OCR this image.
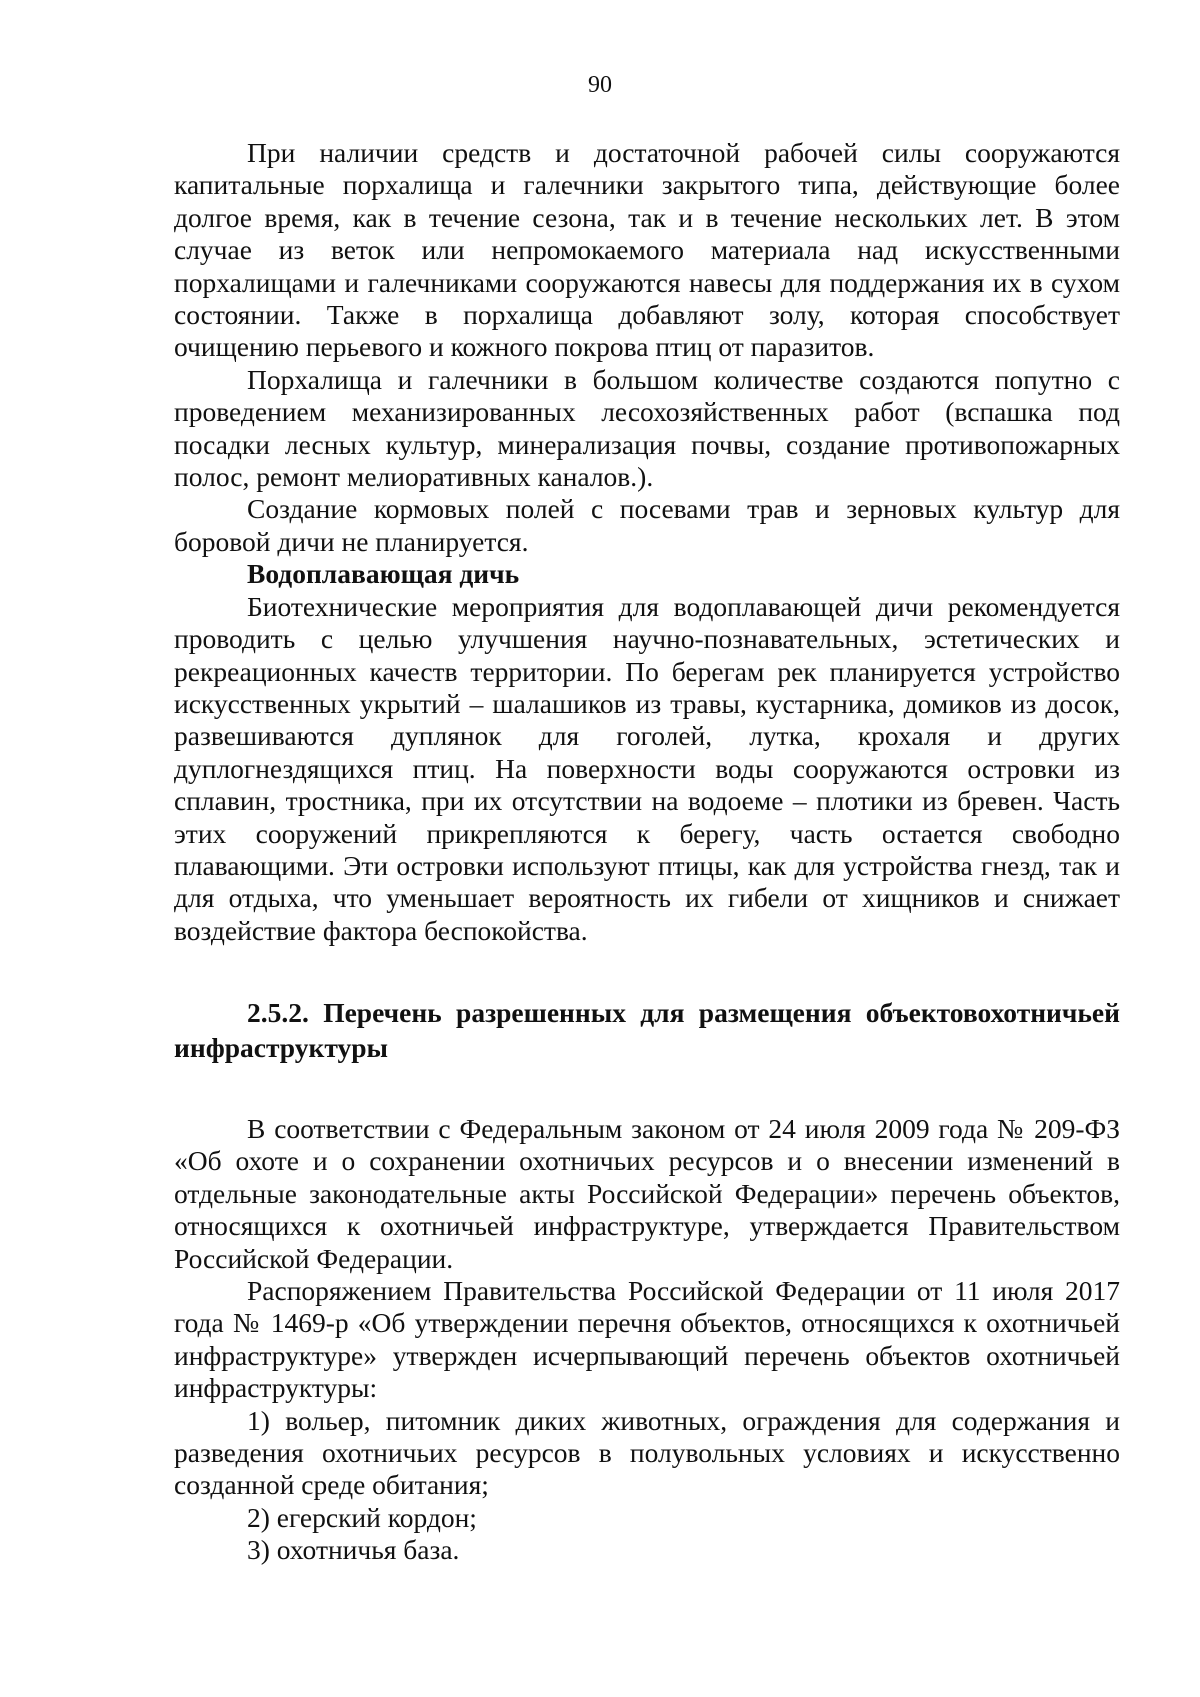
90

При наличии средств и достаточной рабочей силы сооружаются капитальные порхалища и галечники закрытого типа, действующие более долгое время, как в течение сезона, так и в течение нескольких лет. В этом случае из веток или непромокаемого материала над искусственными порхалищами и галечниками сооружаются навесы для поддержания их в сухом состоянии. Также в порхалища добавляют золу, которая способствует очищению перьевого и кожного покрова птиц от паразитов.

Порхалища и галечники в большом количестве создаются попутно с проведением механизированных лесохозяйственных работ (вспашка под посадки лесных культур, минерализация почвы, создание противопожарных полос, ремонт мелиоративных каналов.).

Создание кормовых полей с посевами трав и зерновых культур для боровой дичи не планируется.

Водоплавающая дичь

Биотехнические мероприятия для водоплавающей дичи рекомендуется проводить с целью улучшения научно-познавательных, эстетических и рекреационных качеств территории. По берегам рек планируется устройство искусственных укрытий – шалашиков из травы, кустарника, домиков из досок, развешиваются дуплянок для гоголей, лутка, крохаля и других дуплогнездящихся птиц. На поверхности воды сооружаются островки из сплавин, тростника, при их отсутствии на водоеме – плотики из бревен. Часть этих сооружений прикрепляются к берегу, часть остается свободно плавающими. Эти островки используют птицы, как для устройства гнезд, так и для отдыха, что уменьшает вероятность их гибели от хищников и снижает воздействие фактора беспокойства.

2.5.2. Перечень разрешенных для размещения объектовохотничьей инфраструктуры

В соответствии с Федеральным законом от 24 июля 2009 года № 209-ФЗ «Об охоте и о сохранении охотничьих ресурсов и о внесении изменений в отдельные законодательные акты Российской Федерации» перечень объектов, относящихся к охотничьей инфраструктуре, утверждается Правительством Российской Федерации.

Распоряжением Правительства Российской Федерации от 11 июля 2017 года № 1469-р «Об утверждении перечня объектов, относящихся к охотничьей инфраструктуре» утвержден исчерпывающий перечень объектов охотничьей инфраструктуры:

1) вольер, питомник диких животных, ограждения для содержания и разведения охотничьих ресурсов в полувольных условиях и искусственно созданной среде обитания;

2) егерский кордон;

3) охотничья база.
